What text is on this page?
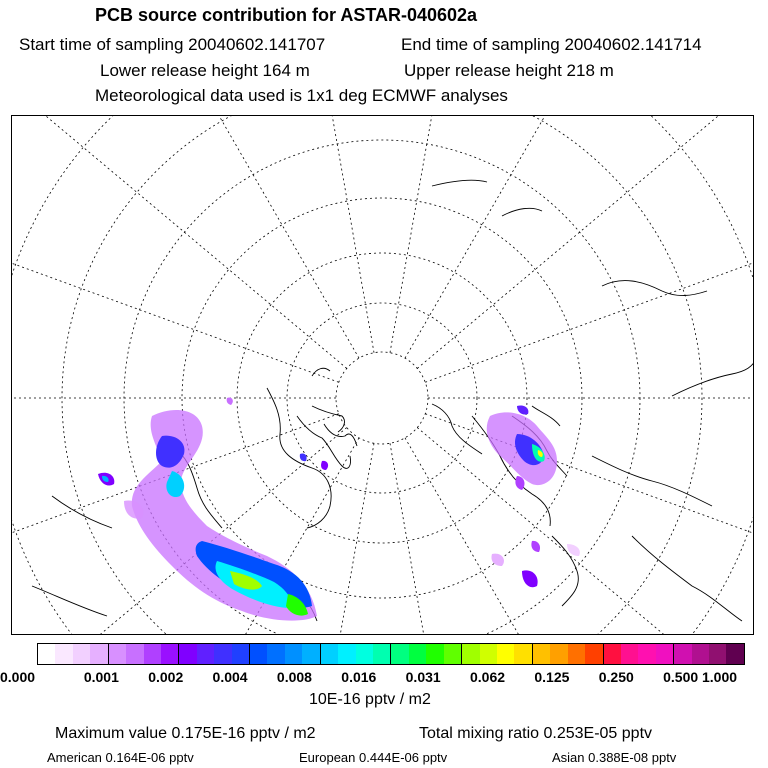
PCB source contribution for ASTAR-040602a
Start time of sampling 20040602.141707	End time of sampling 20040602.141714
Lower release height 164 m	Upper release height 218 m
Meteorological data used is 1x1 deg ECMWF analyses
0.000	0.001 0.002 0.004 0.008 0.016 0.031 0.062 0.125 0.250 0.500 1.000
10E-16 pptv / m2
Maximum value 0.175E-16 pptv / m2	Total mixing ratio 0.253E-05 pptv
American 0.164E-06 pptv	European 0.444E-06 pptv	Asian 0.388E-08 pptv
